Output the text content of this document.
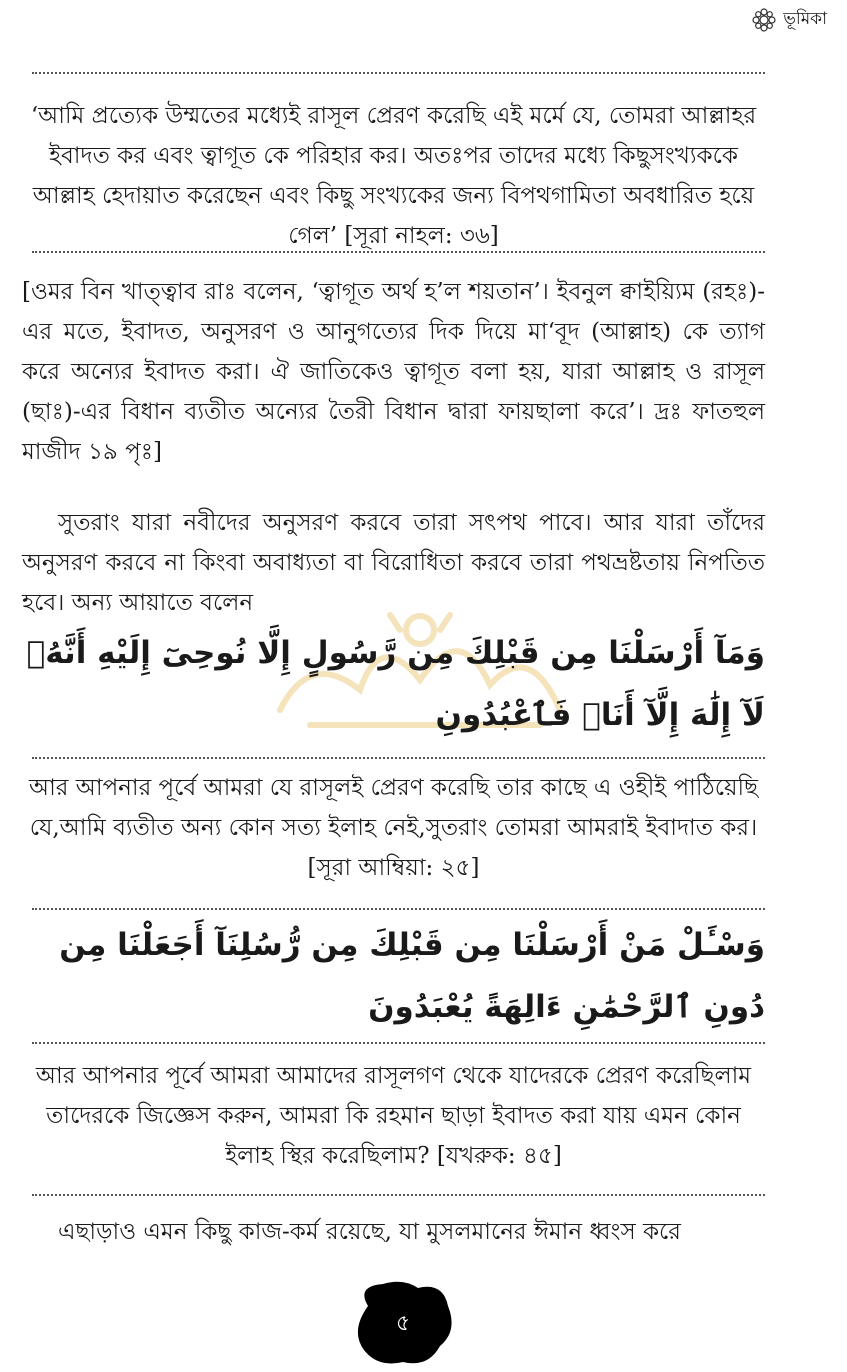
ভূমিকা

‘আমি প্রত্যেক উম্মতের মধ্যেই রাসূল প্রেরণ করেছি এই মর্মে যে, তোমরা আল্লাহর ইবাদত কর এবং ত্বাগূত কে পরিহার কর। অতঃপর তাদের মধ্যে কিছুসংখ্যককে আল্লাহ হেদায়াত করেছেন এবং কিছু সংখ্যকের জন্য বিপথগামিতা অবধারিত হয়ে গেল’ [সূরা নাহল: ৩৬]

[ওমর বিন খাত্ত্বাব রাঃ বলেন, ‘ত্বাগূত অর্থ হ’ল শয়তান’। ইবনুল ক্বাইয়্যিম (রহঃ)-এর মতে, ইবাদত, অনুসরণ ও আনুগত্যের দিক দিয়ে মা‘বূদ (আল্লাহ) কে ত্যাগ করে অন্যের ইবাদত করা। ঐ জাতিকেও ত্বাগূত বলা হয়, যারা আল্লাহ ও রাসূল (ছাঃ)-এর বিধান ব্যতীত অন্যের তৈরী বিধান দ্বারা ফায়ছালা করে’। দ্রঃ ফাতহুল মাজীদ ১৯ পৃঃ]

সুতরাং যারা নবীদের অনুসরণ করবে তারা সৎপথ পাবে। আর যারা তাঁদের অনুসরণ করবে না কিংবা অবাধ্যতা বা বিরোধিতা করবে তারা পথভ্রষ্টতায় নিপতিত হবে। অন্য আয়াতে বলেন

وَمَآ أَرْسَلْنَا مِن قَبْلِكَ مِن رَّسُولٍ إِلَّا نُوحِىٓ إِلَيْهِ أَنَّهُۥ لَآ إِلَٰهَ إِلَّآ أَنَا۠ فَٱعْبُدُونِ

আর আপনার পূর্বে আমরা যে রাসূলই প্রেরণ করেছি তার কাছে এ ওহীই পাঠিয়েছি যে,আমি ব্যতীত অন্য কোন সত্য ইলাহ নেই,সুতরাং তোমরা আমরাই ইবাদাত কর। [সূরা আম্বিয়া: ২৫]

وَسْـَٔلْ مَنْ أَرْسَلْنَا مِن قَبْلِكَ مِن رُّسُلِنَآ أَجَعَلْنَا مِن دُونِ ٱلرَّحْمَٰنِ ءَالِهَةً يُعْبَدُونَ

আর আপনার পূর্বে আমরা আমাদের রাসূলগণ থেকে যাদেরকে প্রেরণ করেছিলাম তাদেরকে জিজ্ঞেস করুন, আমরা কি রহমান ছাড়া ইবাদত করা যায় এমন কোন ইলাহ স্থির করেছিলাম? [যখরুক: ৪৫]

এছাড়াও এমন কিছু কাজ-কর্ম রয়েছে, যা মুসলমানের ঈমান ধ্বংস করে

৫
